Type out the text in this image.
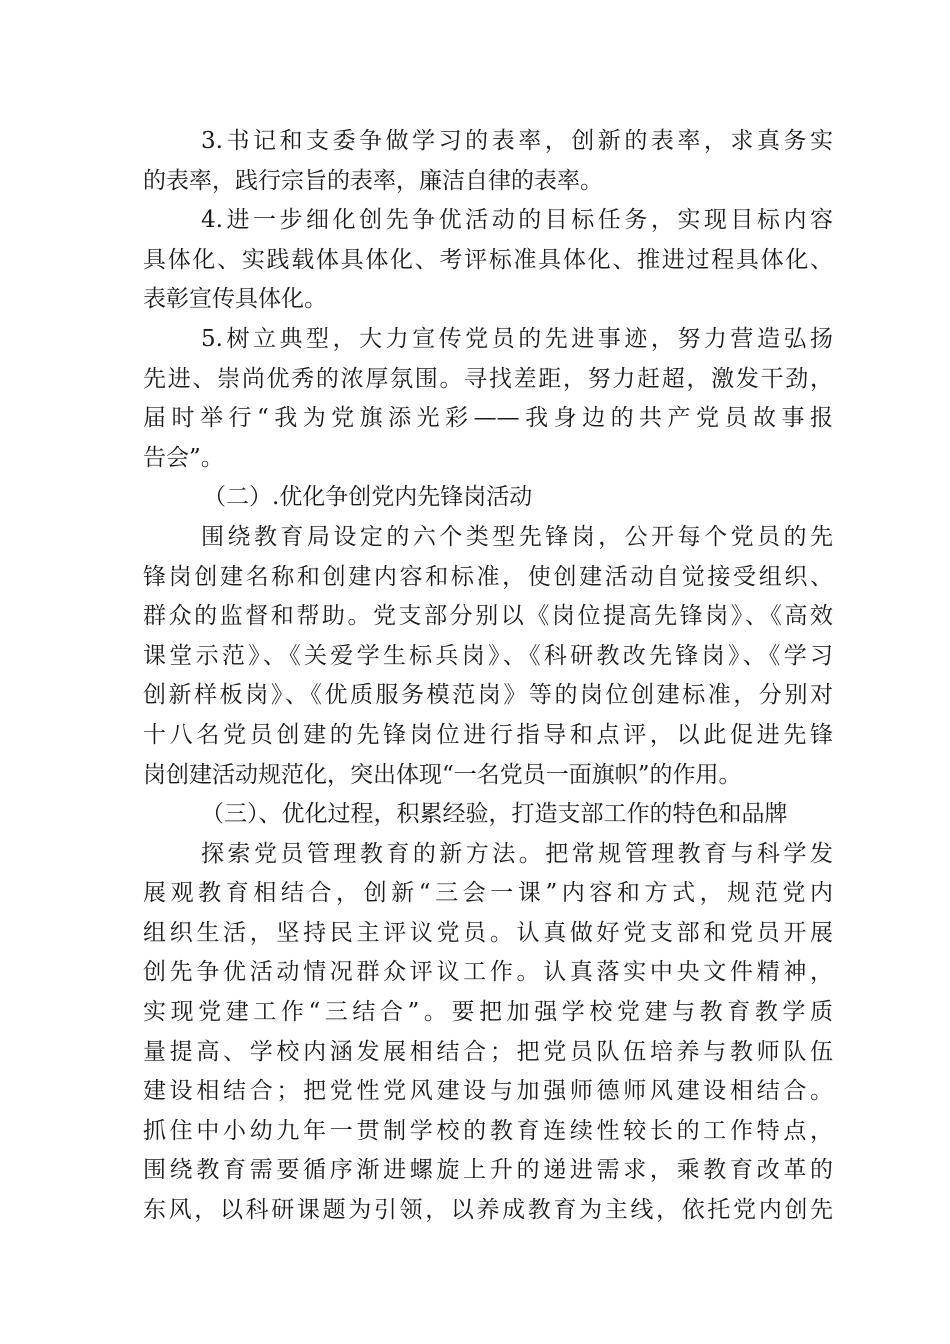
3.书记和支委争做学习的表率，创新的表率，求真务实
的表率，践行宗旨的表率，廉洁自律的表率。
4.进一步细化创先争优活动的目标任务，实现目标内容
具体化、实践载体具体化、考评标准具体化、推进过程具体化、
表彰宣传具体化。
5.树立典型，大力宣传党员的先进事迹，努力营造弘扬
先进、崇尚优秀的浓厚氛围。寻找差距，努力赶超，激发干劲，
届时举行“我为党旗添光彩——我身边的共产党员故事报
告会”。
（二）.优化争创党内先锋岗活动
围绕教育局设定的六个类型先锋岗，公开每个党员的先
锋岗创建名称和创建内容和标准，使创建活动自觉接受组织、
群众的监督和帮助。党支部分别以《岗位提高先锋岗》、《高效
课堂示范》、《关爱学生标兵岗》、《科研教改先锋岗》、《学习
创新样板岗》、《优质服务模范岗》等的岗位创建标准，分别对
十八名党员创建的先锋岗位进行指导和点评，以此促进先锋
岗创建活动规范化，突出体现“一名党员一面旗帜”的作用。
（三）、优化过程，积累经验，打造支部工作的特色和品牌
探索党员管理教育的新方法。把常规管理教育与科学发
展观教育相结合，创新“三会一课”内容和方式，规范党内
组织生活，坚持民主评议党员。认真做好党支部和党员开展
创先争优活动情况群众评议工作。认真落实中央文件精神，
实现党建工作“三结合”。要把加强学校党建与教育教学质
量提高、学校内涵发展相结合；把党员队伍培养与教师队伍
建设相结合；把党性党风建设与加强师德师风建设相结合。
抓住中小幼九年一贯制学校的教育连续性较长的工作特点，
围绕教育需要循序渐进螺旋上升的递进需求，乘教育改革的
东风，以科研课题为引领，以养成教育为主线，依托党内创先
